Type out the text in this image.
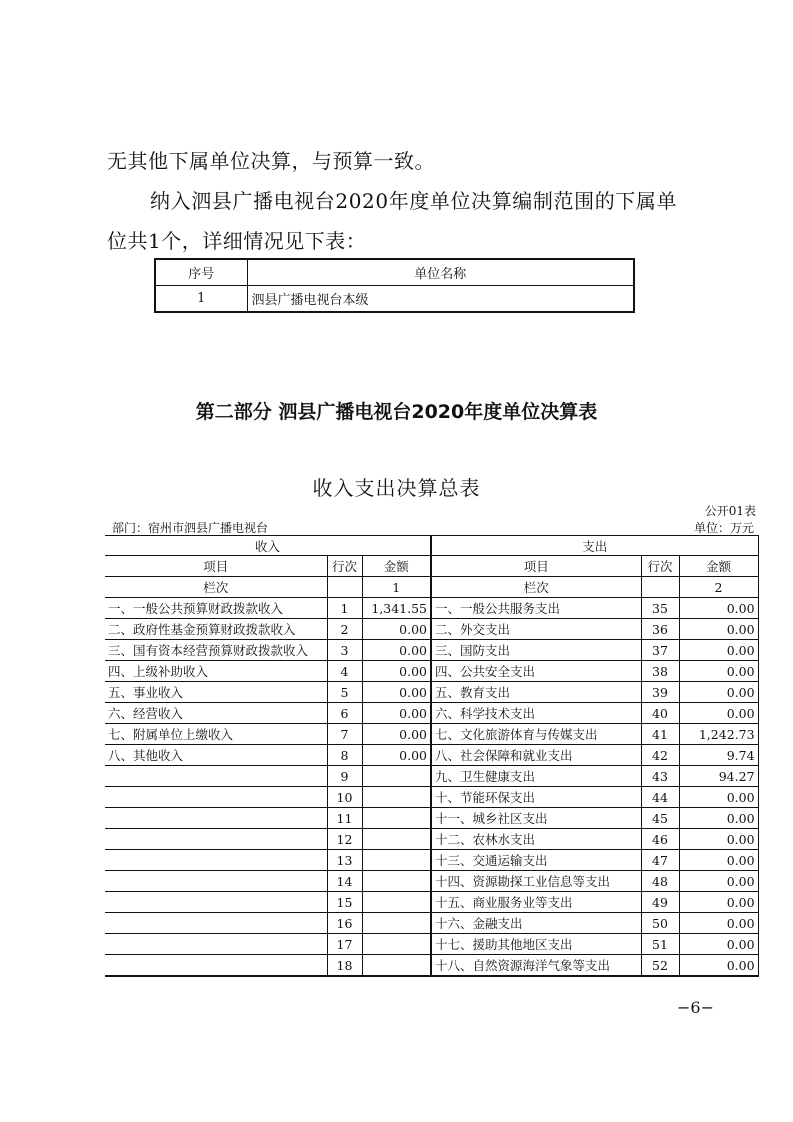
无其他下属单位决算，与预算一致。
纳入泗县广播电视台2020年度单位决算编制范围的下属单
位共1个，详细情况见下表：
序号	单位名称
1	泗县广播电视台本级
第二部分 泗县广播电视台2020年度单位决算表
收入支出决算总表
公开01表
部门：宿州市泗县广播电视台	单位：万元
收入			支出		
项目	行次	金额	项目	行次	金额
栏次		1	栏次		2
一、一般公共预算财政拨款收入	1	1,341.55	一、一般公共服务支出	35	0.00
二、政府性基金预算财政拨款收入	2	0.00	二、外交支出	36	0.00
三、国有资本经营预算财政拨款收入	3	0.00	三、国防支出	37	0.00
四、上级补助收入	4	0.00	四、公共安全支出	38	0.00
五、事业收入	5	0.00	五、教育支出	39	0.00
六、经营收入	6	0.00	六、科学技术支出	40	0.00
七、附属单位上缴收入	7	0.00	七、文化旅游体育与传媒支出	41	1,242.73
八、其他收入	8	0.00	八、社会保障和就业支出	42	9.74
	9		九、卫生健康支出	43	94.27
	10		十、节能环保支出	44	0.00
	11		十一、城乡社区支出	45	0.00
	12		十二、农林水支出	46	0.00
	13		十三、交通运输支出	47	0.00
	14		十四、资源勘探工业信息等支出	48	0.00
	15		十五、商业服务业等支出	49	0.00
	16		十六、金融支出	50	0.00
	17		十七、援助其他地区支出	51	0.00
	18		十八、自然资源海洋气象等支出	52	0.00
−6−
